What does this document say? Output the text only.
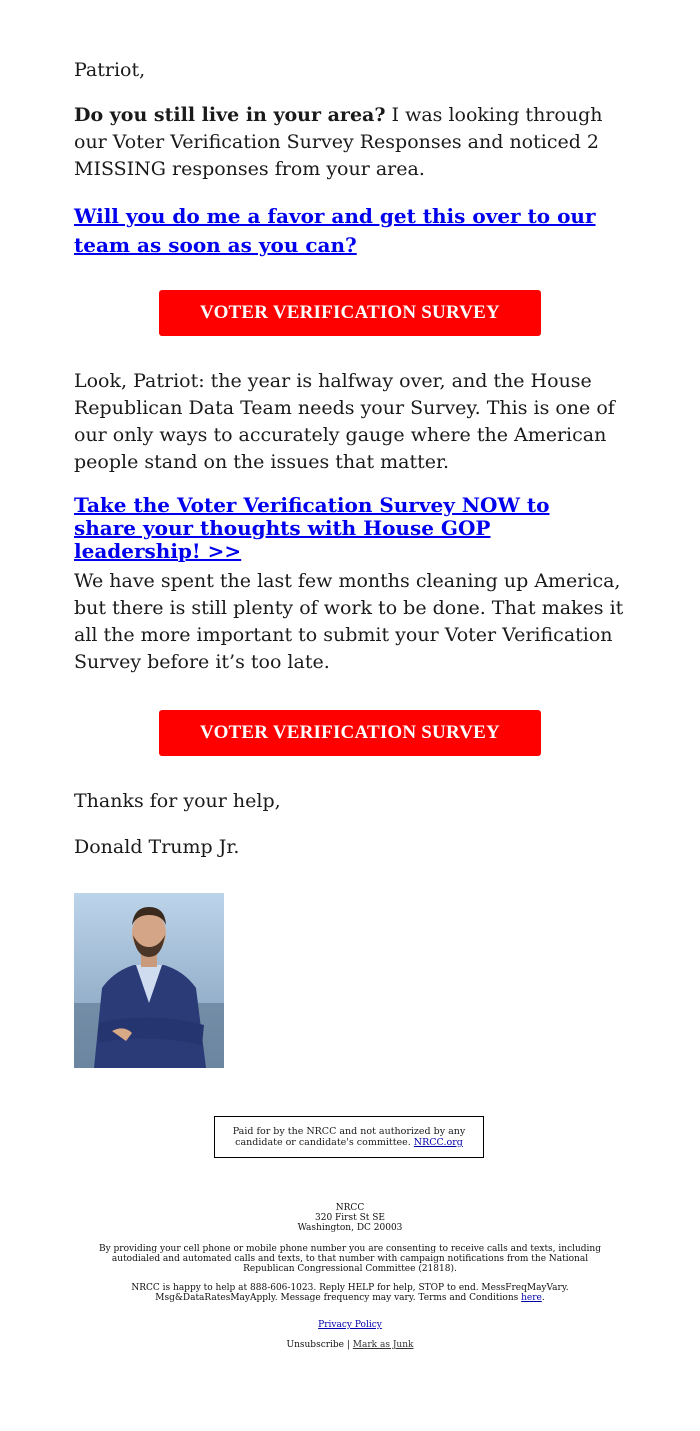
Patriot,

Do you still live in your area? I was looking through our Voter Verification Survey Responses and noticed 2 MISSING responses from your area.

Will you do me a favor and get this over to our team as soon as you can?

Look, Patriot: the year is halfway over, and the House Republican Data Team needs your Survey. This is one of our only ways to accurately gauge where the American people stand on the issues that matter.

Take the Voter Verification Survey NOW to share your thoughts with House GOP leadership! >>

We have spent the last few months cleaning up America, but there is still plenty of work to be done. That makes it all the more important to submit your Voter Verification Survey before it’s too late.

Thanks for your help,

Donald Trump Jr.

VOTER VERIFICATION SURVEY
VOTER VERIFICATION SURVEY
Paid for by the NRCC and not authorized by any candidate or candidate's committee. NRCC.org
NRCC
320 First St SE
Washington, DC 20003
By providing your cell phone or mobile phone number you are consenting to receive calls and texts, including autodialed and automated calls and texts, to that number with campaign notifications from the National Republican Congressional Committee (21818).
NRCC is happy to help at 888-606-1023. Reply HELP for help, STOP to end. MessFreqMayVary. Msg&DataRatesMayApply. Message frequency may vary. Terms and Conditions here.
Privacy Policy
Unsubscribe | Mark as Junk
